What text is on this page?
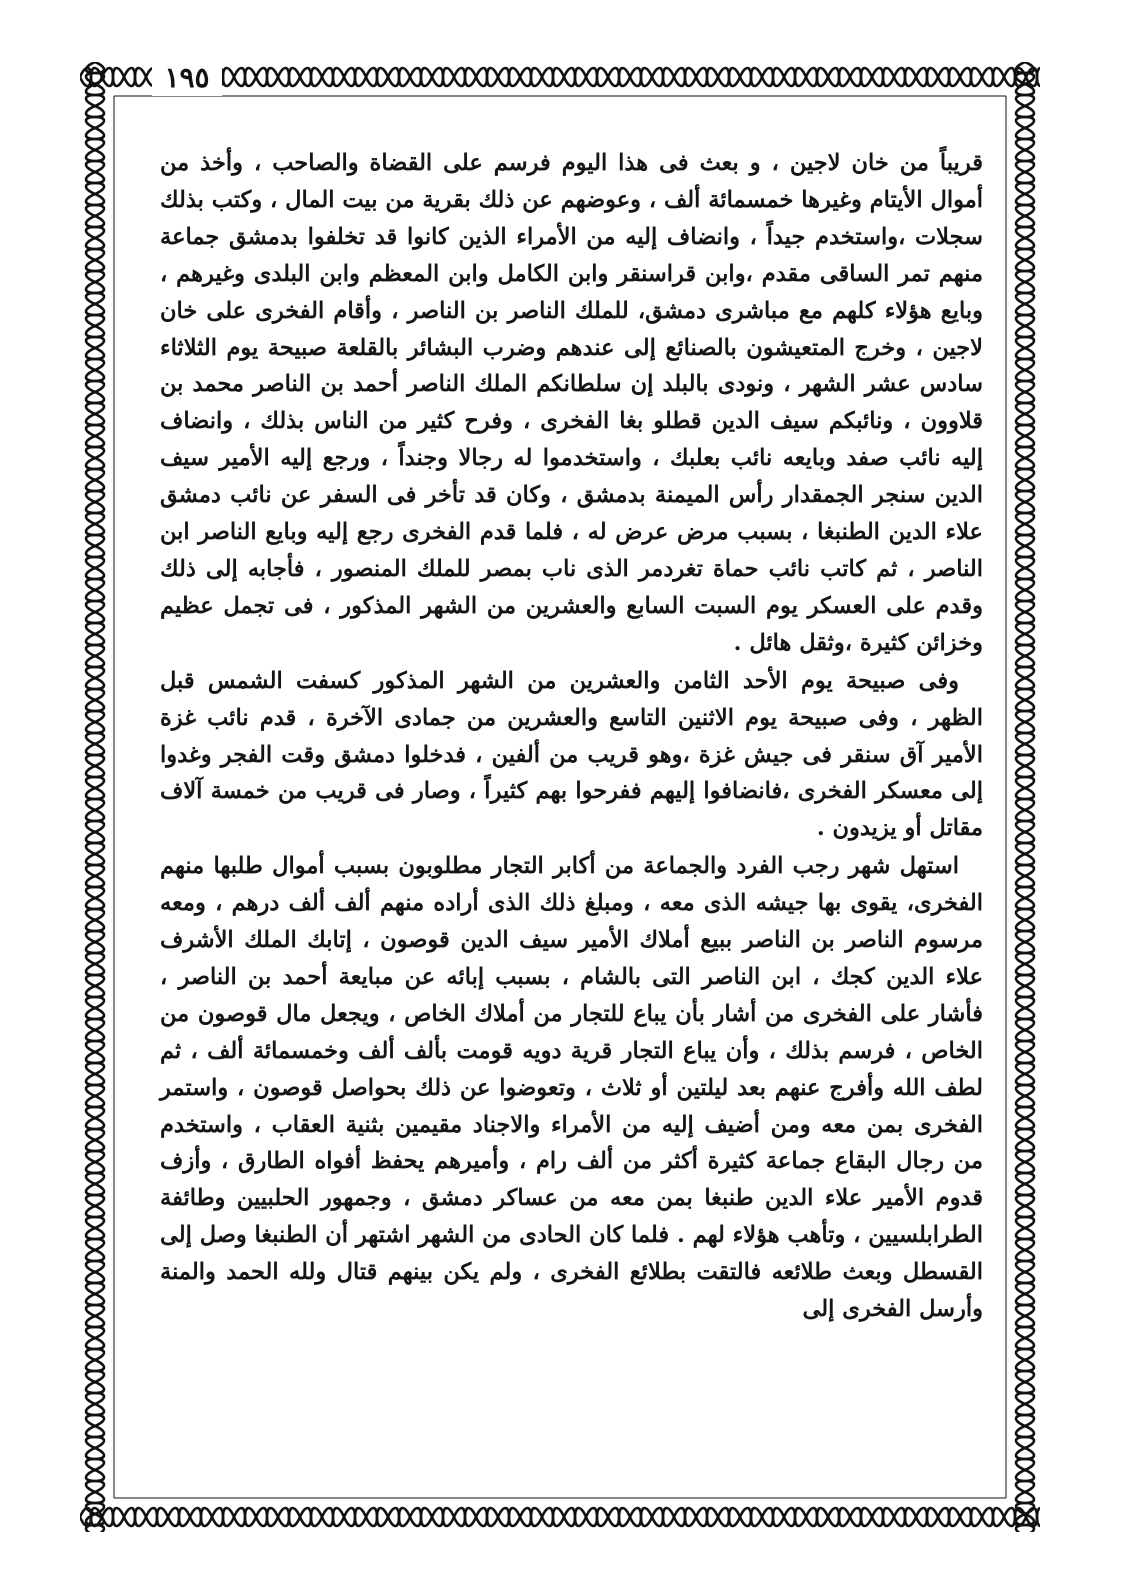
١٩٥

قريباً من خان لاجين ، و بعث فى هذا اليوم فرسم على القضاة والصاحب ، وأخذ من أموال الأيتام وغيرها خمسمائة ألف ، وعوضهم عن ذلك بقرية من بيت المال ، وكتب بذلك سجلات ،واستخدم جيداً ، وانضاف إليه من الأمراء الذين كانوا قد تخلفوا بدمشق جماعة منهم تمر الساقى مقدم ،وابن قراسنقر وابن الكامل وابن المعظم وابن البلدى وغيرهم ، وبايع هؤلاء كلهم مع مباشرى دمشق، للملك الناصر بن الناصر ، وأقام الفخرى على خان لاجين ، وخرج المتعيشون بالصنائع إلى عندهم وضرب البشائر بالقلعة صبيحة يوم الثلاثاء سادس عشر الشهر ، ونودى بالبلد إن سلطانكم الملك الناصر أحمد بن الناصر محمد بن قلاوون ، ونائبكم سيف الدين قطلو بغا الفخرى ، وفرح كثير من الناس بذلك ، وانضاف إليه نائب صفد وبايعه نائب بعلبك ، واستخدموا له رجالا وجنداً ، ورجع إليه الأمير سيف الدين سنجر الجمقدار رأس الميمنة بدمشق ، وكان قد تأخر فى السفر عن نائب دمشق علاء الدين الطنبغا ، بسبب مرض عرض له ، فلما قدم الفخرى رجع إليه وبايع الناصر ابن الناصر ، ثم كاتب نائب حماة تغردمر الذى ناب بمصر للملك المنصور ، فأجابه إلى ذلك وقدم على العسكر يوم السبت السابع والعشرين من الشهر المذكور ، فى تجمل عظيم وخزائن كثيرة ،وثقل هائل .

وفى صبيحة يوم الأحد الثامن والعشرين من الشهر المذكور كسفت الشمس قبل الظهر ، وفى صبيحة يوم الاثنين التاسع والعشرين من جمادى الآخرة ، قدم نائب غزة الأمير آق سنقر فى جيش غزة ،وهو قريب من ألفين ، فدخلوا دمشق وقت الفجر وغدوا إلى معسكر الفخرى ،فانضافوا إليهم ففرحوا بهم كثيراً ، وصار فى قريب من خمسة آلاف مقاتل أو يزيدون .

استهل شهر رجب الفرد والجماعة من أكابر التجار مطلوبون بسبب أموال طلبها منهم الفخرى، يقوى بها جيشه الذى معه ، ومبلغ ذلك الذى أراده منهم ألف ألف درهم ، ومعه مرسوم الناصر بن الناصر ببيع أملاك الأمير سيف الدين قوصون ، إتابك الملك الأشرف علاء الدين كجك ، ابن الناصر التى بالشام ، بسبب إبائه عن مبايعة أحمد بن الناصر ، فأشار على الفخرى من أشار بأن يباع للتجار من أملاك الخاص ، ويجعل مال قوصون من الخاص ، فرسم بذلك ، وأن يباع التجار قرية دويه قومت بألف ألف وخمسمائة ألف ، ثم لطف الله وأفرج عنهم بعد ليلتين أو ثلاث ، وتعوضوا عن ذلك بحواصل قوصون ، واستمر الفخرى بمن معه ومن أضيف إليه من الأمراء والاجناد مقيمين بثنية العقاب ، واستخدم من رجال البقاع جماعة كثيرة أكثر من ألف رام ، وأميرهم يحفظ أفواه الطارق ، وأزف قدوم الأمير علاء الدين طنبغا بمن معه من عساكر دمشق ، وجمهور الحلبيين وطائفة الطرابلسيين ، وتأهب هؤلاء لهم . فلما كان الحادى من الشهر اشتهر أن الطنبغا وصل إلى القسطل وبعث طلائعه فالتقت بطلائع الفخرى ، ولم يكن بينهم قتال ولله الحمد والمنة وأرسل الفخرى إلى
